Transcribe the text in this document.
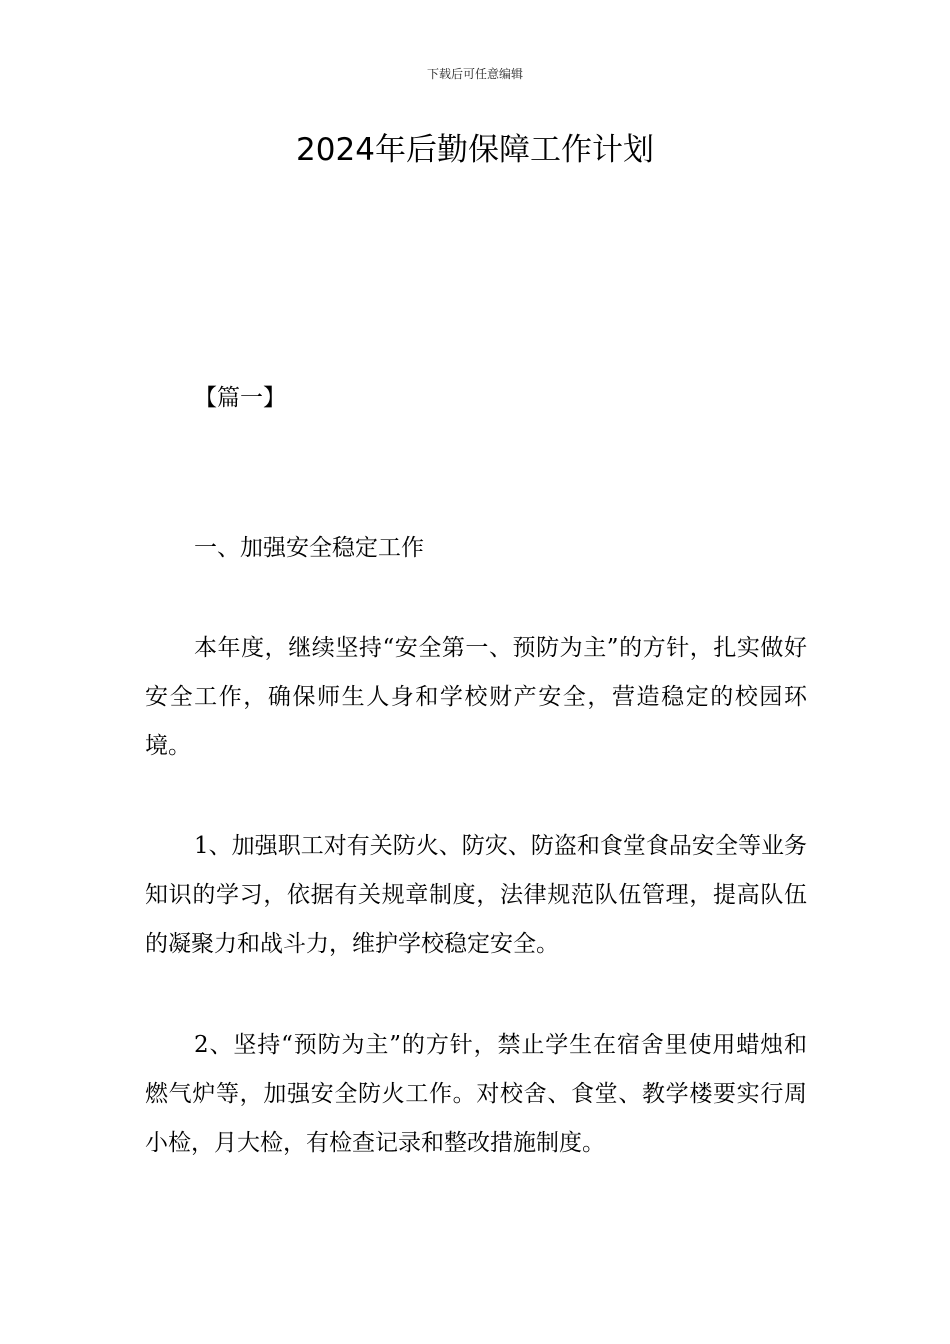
下载后可任意编辑
2024年后勤保障工作计划
【篇一】
一、加强安全稳定工作

本年度，继续坚持“安全第一、预防为主”的方针，扎实做好安全工作，确保师生人身和学校财产安全，营造稳定的校园环境。

1、加强职工对有关防火、防灾、防盗和食堂食品安全等业务知识的学习，依据有关规章制度，法律规范队伍管理，提高队伍的凝聚力和战斗力，维护学校稳定安全。

2、坚持“预防为主”的方针，禁止学生在宿舍里使用蜡烛和燃气炉等，加强安全防火工作。对校舍、食堂、教学楼要实行周小检，月大检，有检查记录和整改措施制度。
